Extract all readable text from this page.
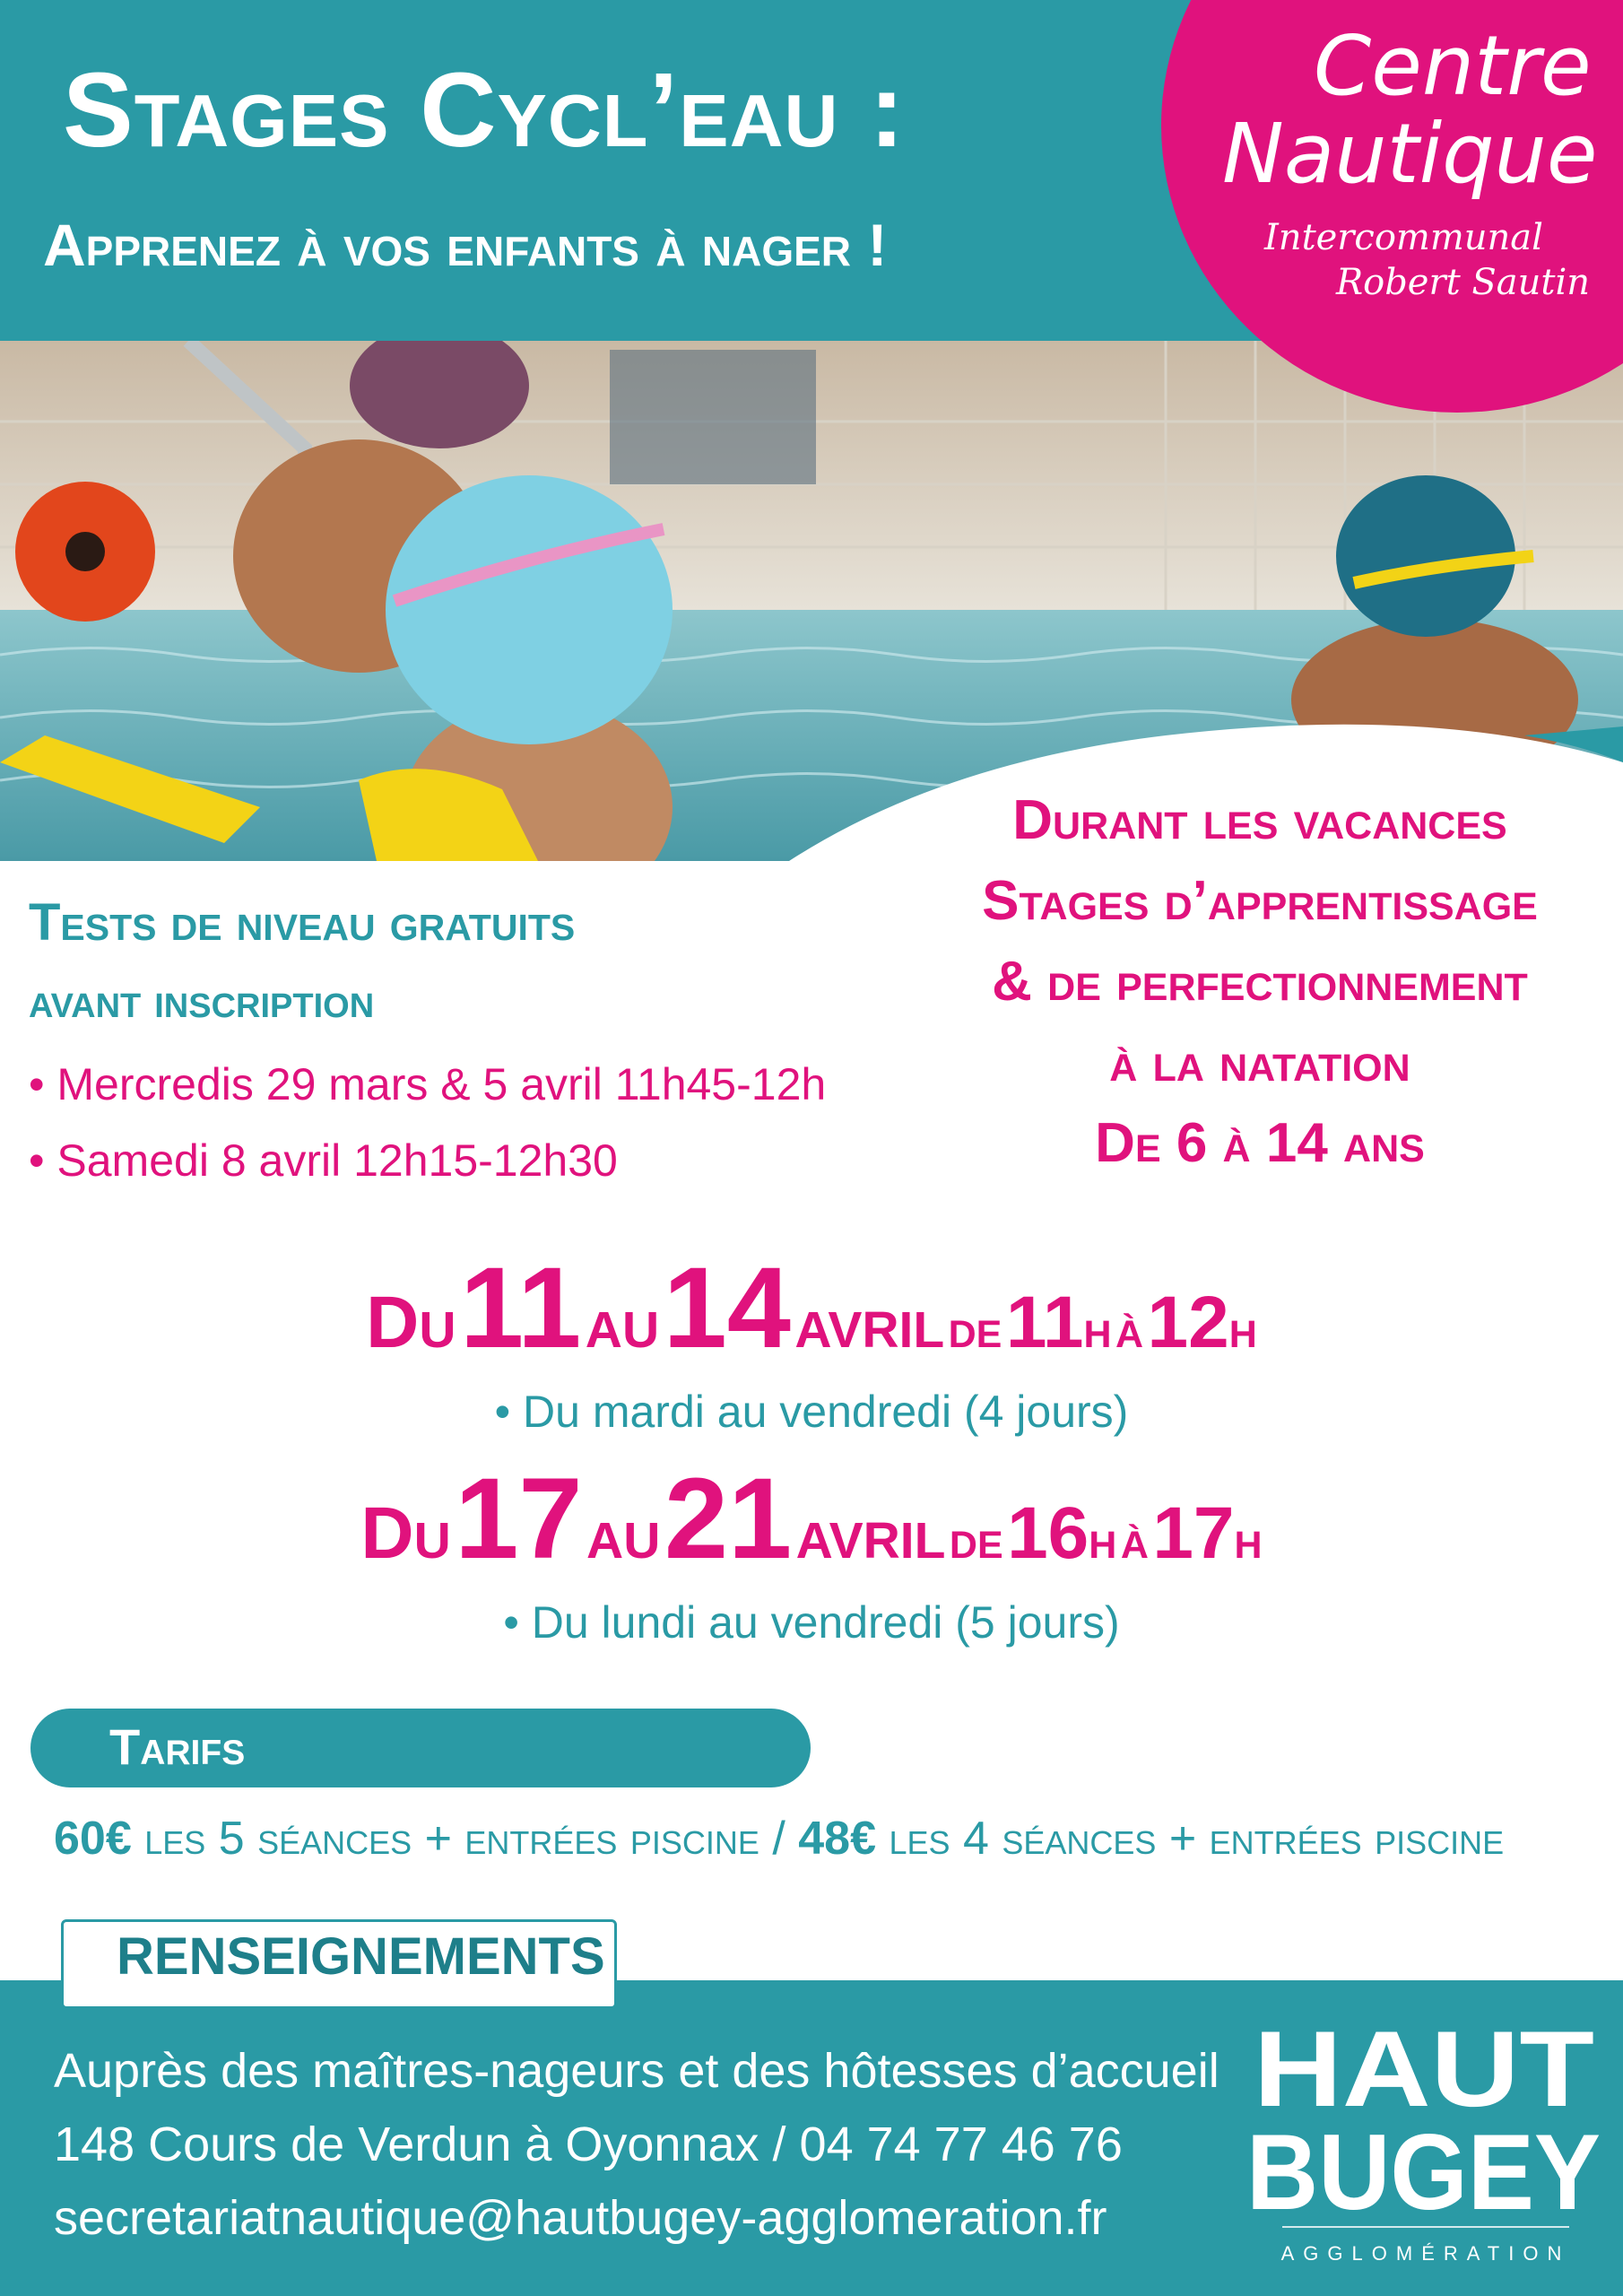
Stages Cycl’eau :
Apprenez à vos enfants à nager !
Centre
Nautique
Intercommunal
Robert Sautin
Tests de niveau gratuits
avant inscription
• Mercredis 29 mars & 5 avril 11h45-12h
• Samedi 8 avril 12h15-12h30
Durant les vacances
Stages d’apprentissage
& de perfectionnement
à la natation
De 6 à 14 ans
Du 11 au 14 avril de 11h à 12h
• Du mardi au vendredi (4 jours)
Du 17 au 21 avril de 16h à 17h
• Du lundi au vendredi (5 jours)
Tarifs
60€ les 5 séances + entrées piscine / 48€ les 4 séances + entrées piscine
RENSEIGNEMENTS
Auprès des maîtres-nageurs et des hôtesses d’accueil
148 Cours de Verdun à Oyonnax / 04 74 77 46 76
secretariatnautique@hautbugey-agglomeration.fr
HAUT
BUGEY
AGGLOMÉRATION
